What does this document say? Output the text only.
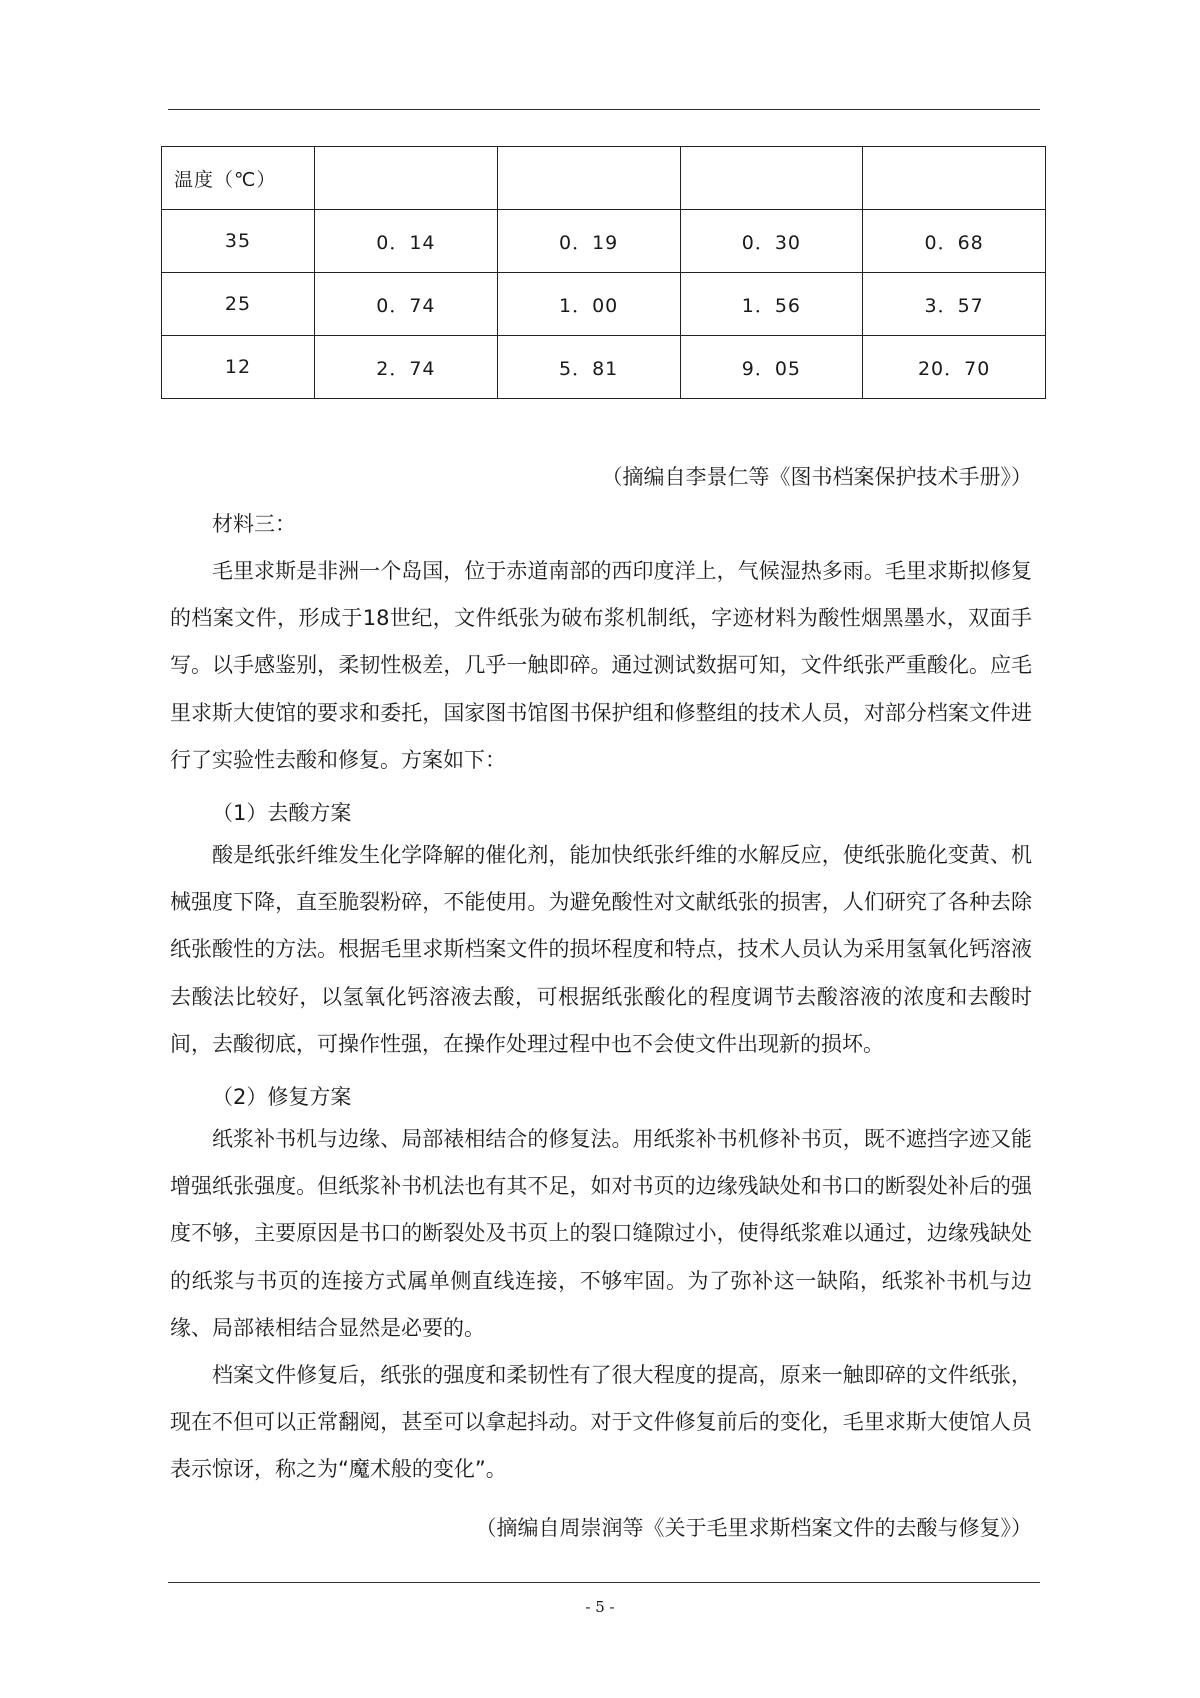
温度（℃）				
35	0．14	0．19	0．30	0．68
25	0．74	1．00	1．56	3．57
12	2．74	5．81	9．05	20．70
（摘编自李景仁等《图书档案保护技术手册》）
材料三：

毛里求斯是非洲一个岛国，位于赤道南部的西印度洋上，气候湿热多雨。毛里求斯拟修复的档案文件，形成于18世纪，文件纸张为破布浆机制纸，字迹材料为酸性烟黑墨水，双面手写。以手感鉴别，柔韧性极差，几乎一触即碎。通过测试数据可知，文件纸张严重酸化。应毛里求斯大使馆的要求和委托，国家图书馆图书保护组和修整组的技术人员，对部分档案文件进行了实验性去酸和修复。方案如下：

（1）去酸方案

酸是纸张纤维发生化学降解的催化剂，能加快纸张纤维的水解反应，使纸张脆化变黄、机械强度下降，直至脆裂粉碎，不能使用。为避免酸性对文献纸张的损害，人们研究了各种去除纸张酸性的方法。根据毛里求斯档案文件的损坏程度和特点，技术人员认为采用氢氧化钙溶液去酸法比较好，以氢氧化钙溶液去酸，可根据纸张酸化的程度调节去酸溶液的浓度和去酸时间，去酸彻底，可操作性强，在操作处理过程中也不会使文件出现新的损坏。

（2）修复方案

纸浆补书机与边缘、局部裱相结合的修复法。用纸浆补书机修补书页，既不遮挡字迹又能增强纸张强度。但纸浆补书机法也有其不足，如对书页的边缘残缺处和书口的断裂处补后的强度不够，主要原因是书口的断裂处及书页上的裂口缝隙过小，使得纸浆难以通过，边缘残缺处的纸浆与书页的连接方式属单侧直线连接，不够牢固。为了弥补这一缺陷，纸浆补书机与边缘、局部裱相结合显然是必要的。

档案文件修复后，纸张的强度和柔韧性有了很大程度的提高，原来一触即碎的文件纸张，现在不但可以正常翻阅，甚至可以拿起抖动。对于文件修复前后的变化，毛里求斯大使馆人员表示惊讶，称之为“魔术般的变化”。

（摘编自周崇润等《关于毛里求斯档案文件的去酸与修复》）
- 5 -
